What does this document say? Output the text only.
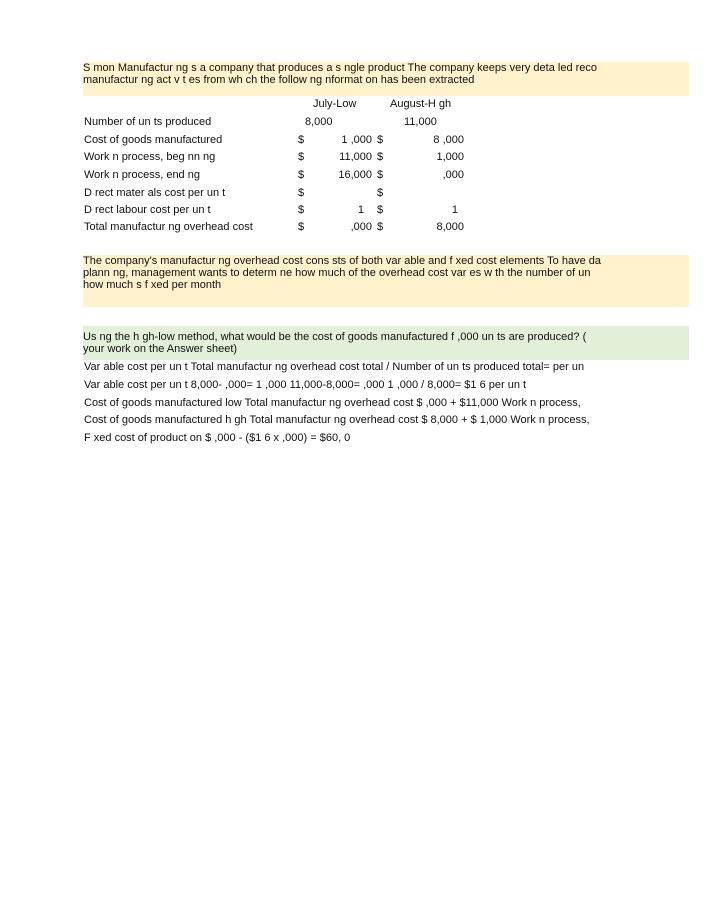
S mon Manufactur ng s a company that produces a s ngle product The company keeps very deta led reco
manufactur ng act v t es from wh ch the follow ng nformat on has been extracted
July-Low	August-H gh
Number of un ts produced	8,000	11,000
Cost of goods manufactured	$	1 ,000 $	8 ,000
Work n process, beg nn ng	$	11,000 $	1,000
Work n process, end ng	$	16,000 $	,000
D rect mater als cost per un t	$	$
D rect labour cost per un t	$	1 $	1
Total manufactur ng overhead cost	$	,000 $	8,000
The company's manufactur ng overhead cost cons sts of both var able and f xed cost elements To have da
plann ng, management wants to determ ne how much of the overhead cost var es w th the number of un
how much s f xed per month
Us ng the h gh-low method, what would be the cost of goods manufactured f ,000 un ts are produced? (
your work on the Answer sheet)
Var able cost per un t Total manufactur ng overhead cost total / Number of un ts produced total= per un
Var able cost per un t 8,000- ,000= 1 ,000 11,000-8,000= ,000 1 ,000 / 8,000= $1 6 per un t
Cost of goods manufactured low Total manufactur ng overhead cost $ ,000 + $11,000 Work n process,
Cost of goods manufactured h gh Total manufactur ng overhead cost $ 8,000 + $ 1,000 Work n process,
F xed cost of product on $ ,000 - ($1 6 x ,000) = $60, 0
